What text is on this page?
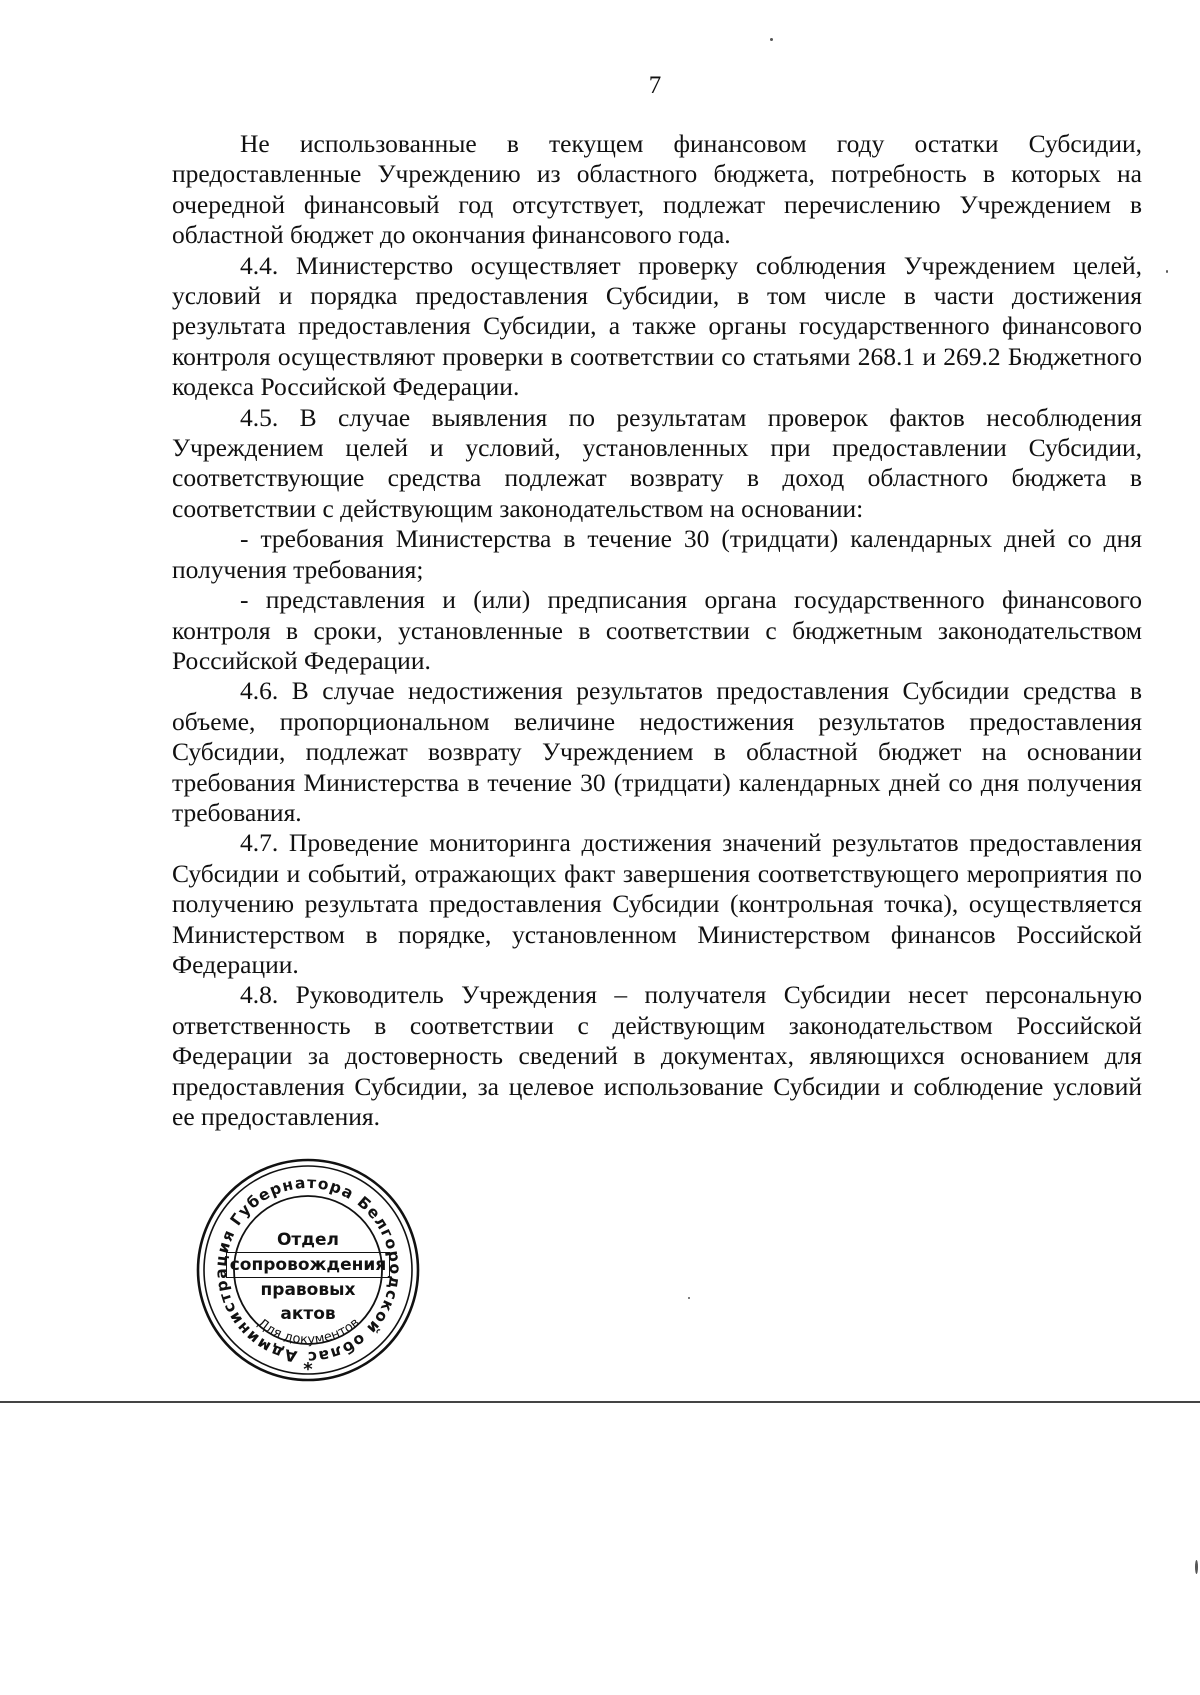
7

Не использованные в текущем финансовом году остатки Субсидии, предоставленные Учреждению из областного бюджета, потребность в которых на очередной финансовый год отсутствует, подлежат перечислению Учреждением в областной бюджет до окончания финансового года.

4.4. Министерство осуществляет проверку соблюдения Учреждением целей, условий и порядка предоставления Субсидии, в том числе в части достижения результата предоставления Субсидии, а также органы государственного финансового контроля осуществляют проверки в соответствии со статьями 268.1 и 269.2 Бюджетного кодекса Российской Федерации.

4.5. В случае выявления по результатам проверок фактов несоблюдения Учреждением целей и условий, установленных при предоставлении Субсидии, соответствующие средства подлежат возврату в доход областного бюджета в соответствии с действующим законодательством на основании:

- требования Министерства в течение 30 (тридцати) календарных дней со дня получения требования;

- представления и (или) предписания органа государственного финансового контроля в сроки, установленные в соответствии с бюджетным законодательством Российской Федерации.

4.6. В случае недостижения результатов предоставления Субсидии средства в объеме, пропорциональном величине недостижения результатов предоставления Субсидии, подлежат возврату Учреждением в областной бюджет на основании требования Министерства в течение 30 (тридцати) календарных дней со дня получения требования.

4.7. Проведение мониторинга достижения значений результатов предоставления Субсидии и событий, отражающих факт завершения соответствующего мероприятия по получению результата предоставления Субсидии (контрольная точка), осуществляется Министерством в порядке, установленном Министерством финансов Российской Федерации.

4.8. Руководитель Учреждения – получателя Субсидии несет персональную ответственность в соответствии с действующим законодательством Российской Федерации за достоверность сведений в документах, являющихся основанием для предоставления Субсидии, за целевое использование Субсидии и соблюдение условий ее предоставления.

Администрация Губернатора Белгородской облас
Для документов
*
Отдел
сопровождения
правовых
актов
